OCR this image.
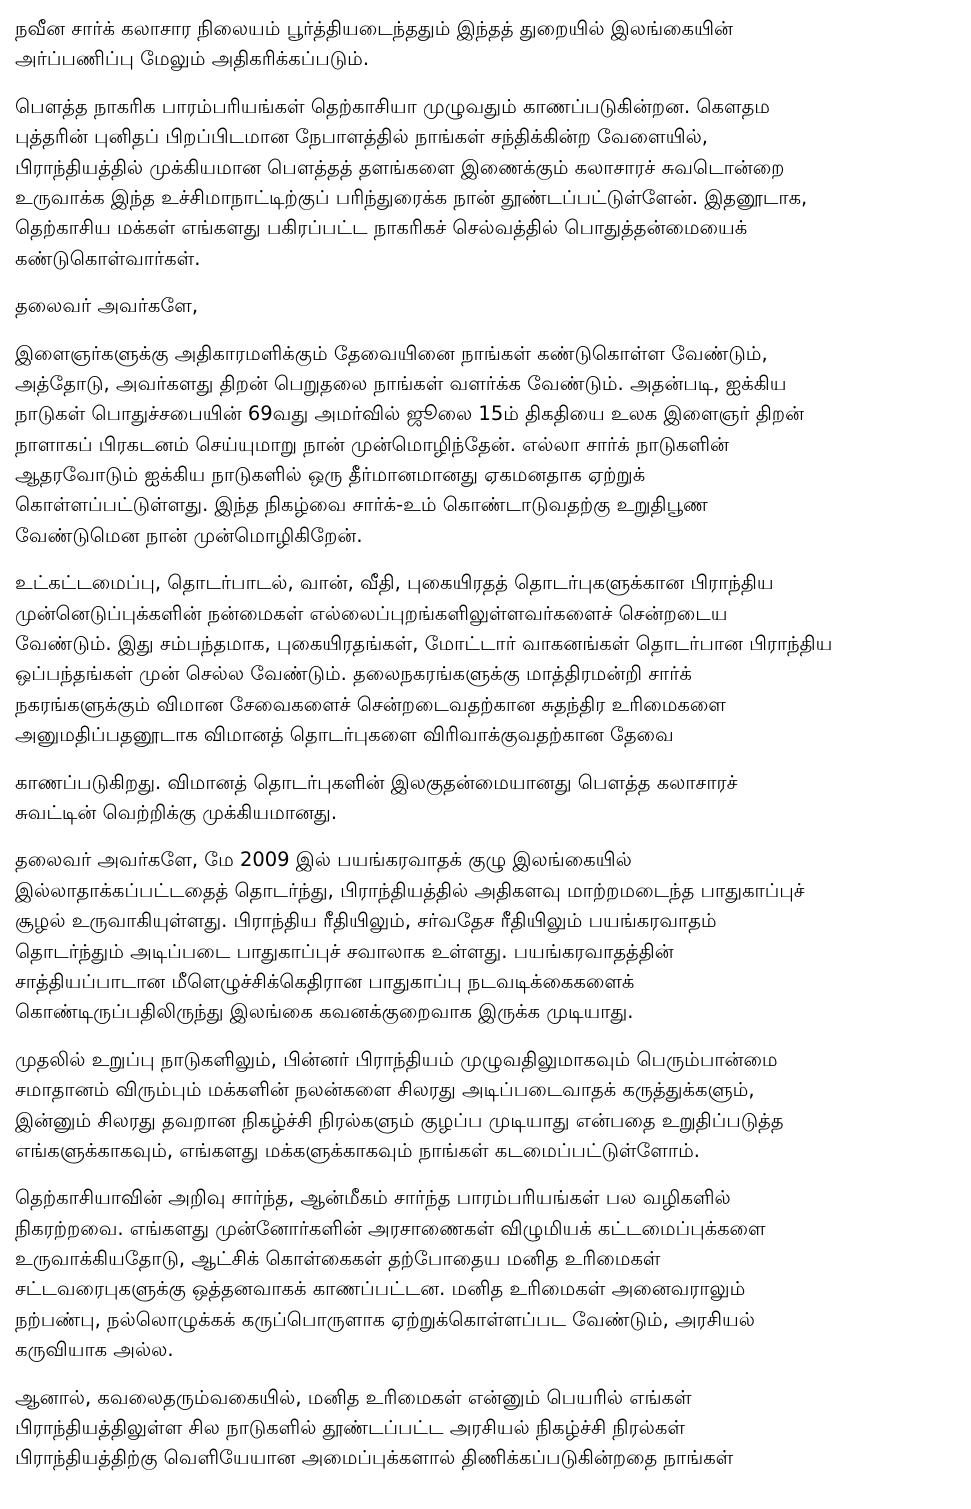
நவீன சார்க் கலாசார நிலையம் பூர்த்தியடைந்ததும் இந்தத் துறையில் இலங்கையின்
அர்ப்பணிப்பு மேலும் அதிகரிக்கப்படும்.

பௌத்த நாகரிக பாரம்பரியங்கள் தெற்காசியா முழுவதும் காணப்படுகின்றன. கௌதம
புத்தரின் புனிதப் பிறப்பிடமான நேபாளத்தில் நாங்கள் சந்திக்கின்ற வேளையில்,
பிராந்தியத்தில் முக்கியமான பௌத்தத் தளங்களை இணைக்கும் கலாசாரச் சுவடொன்றை
உருவாக்க இந்த உச்சிமாநாட்டிற்குப் பரிந்துரைக்க நான் தூண்டப்பட்டுள்ளேன். இதனூடாக,
தெற்காசிய மக்கள் எங்களது பகிரப்பட்ட நாகரிகச் செல்வத்தில் பொதுத்தன்மையைக்
கண்டுகொள்வார்கள்.

தலைவர் அவர்களே,

இளைஞர்களுக்கு அதிகாரமளிக்கும் தேவையினை நாங்கள் கண்டுகொள்ள வேண்டும்,
அத்தோடு, அவர்களது திறன் பெறுதலை நாங்கள் வளர்க்க வேண்டும். அதன்படி, ஐக்கிய
நாடுகள் பொதுச்சபையின் 69வது அமர்வில் ஜூலை 15ம் திகதியை உலக இளைஞர் திறன்
நாளாகப் பிரகடனம் செய்யுமாறு நான் முன்மொழிந்தேன். எல்லா சார்க் நாடுகளின்
ஆதரவோடும் ஐக்கிய நாடுகளில் ஒரு தீர்மானமானது ஏகமனதாக ஏற்றுக்
கொள்ளப்பட்டுள்ளது. இந்த நிகழ்வை சார்க்-உம் கொண்டாடுவதற்கு உறுதிபூண
வேண்டுமென நான் முன்மொழிகிறேன்.

உட்கட்டமைப்பு, தொடர்பாடல், வான், வீதி, புகையிரதத் தொடர்புகளுக்கான பிராந்திய
முன்னெடுப்புக்களின் நன்மைகள் எல்லைப்புறங்களிலுள்ளவர்களைச் சென்றடைய
வேண்டும். இது சம்பந்தமாக, புகையிரதங்கள், மோட்டார் வாகனங்கள் தொடர்பான பிராந்திய
ஒப்பந்தங்கள் முன் செல்ல வேண்டும். தலைநகரங்களுக்கு மாத்திரமன்றி சார்க்
நகரங்களுக்கும் விமான சேவைகளைச் சென்றடைவதற்கான சுதந்திர உரிமைகளை
அனுமதிப்பதனூடாக விமானத் தொடர்புகளை விரிவாக்குவதற்கான தேவை

காணப்படுகிறது. விமானத் தொடர்புகளின் இலகுதன்மையானது பௌத்த கலாசாரச்
சுவட்டின் வெற்றிக்கு முக்கியமானது.

தலைவர் அவர்களே, மே 2009 இல் பயங்கரவாதக் குழு இலங்கையில்
இல்லாதாக்கப்பட்டதைத் தொடர்ந்து, பிராந்தியத்தில் அதிகளவு மாற்றமடைந்த பாதுகாப்புச்
சூழல் உருவாகியுள்ளது. பிராந்திய ரீதியிலும், சர்வதேச ரீதியிலும் பயங்கரவாதம்
தொடர்ந்தும் அடிப்படை பாதுகாப்புச் சவாலாக உள்ளது. பயங்கரவாதத்தின்
சாத்தியப்பாடான மீளெழுச்சிக்கெதிரான பாதுகாப்பு நடவடிக்கைகளைக்
கொண்டிருப்பதிலிருந்து இலங்கை கவனக்குறைவாக இருக்க முடியாது.

முதலில் உறுப்பு நாடுகளிலும், பின்னர் பிராந்தியம் முழுவதிலுமாகவும் பெரும்பான்மை
சமாதானம் விரும்பும் மக்களின் நலன்களை சிலரது அடிப்படைவாதக் கருத்துக்களும்,
இன்னும் சிலரது தவறான நிகழ்ச்சி நிரல்களும் குழப்ப முடியாது என்பதை உறுதிப்படுத்த
எங்களுக்காகவும், எங்களது மக்களுக்காகவும் நாங்கள் கடமைப்பட்டுள்ளோம்.

தெற்காசியாவின் அறிவு சார்ந்த, ஆன்மீகம் சார்ந்த பாரம்பரியங்கள் பல வழிகளில்
நிகரற்றவை. எங்களது முன்னோர்களின் அரசாணைகள் விழுமியக் கட்டமைப்புக்களை
உருவாக்கியதோடு, ஆட்சிக் கொள்கைகள் தற்போதைய மனித உரிமைகள்
சட்டவரைபுகளுக்கு ஒத்தனவாகக் காணப்பட்டன. மனித உரிமைகள் அனைவராலும்
நற்பண்பு, நல்லொழுக்கக் கருப்பொருளாக ஏற்றுக்கொள்ளப்பட வேண்டும், அரசியல்
கருவியாக அல்ல.

ஆனால், கவலைதரும்வகையில், மனித உரிமைகள் என்னும் பெயரில் எங்கள்
பிராந்தியத்திலுள்ள சில நாடுகளில் தூண்டப்பட்ட அரசியல் நிகழ்ச்சி நிரல்கள்
பிராந்தியத்திற்கு வெளியேயான அமைப்புக்களால் திணிக்கப்படுகின்றதை நாங்கள்
